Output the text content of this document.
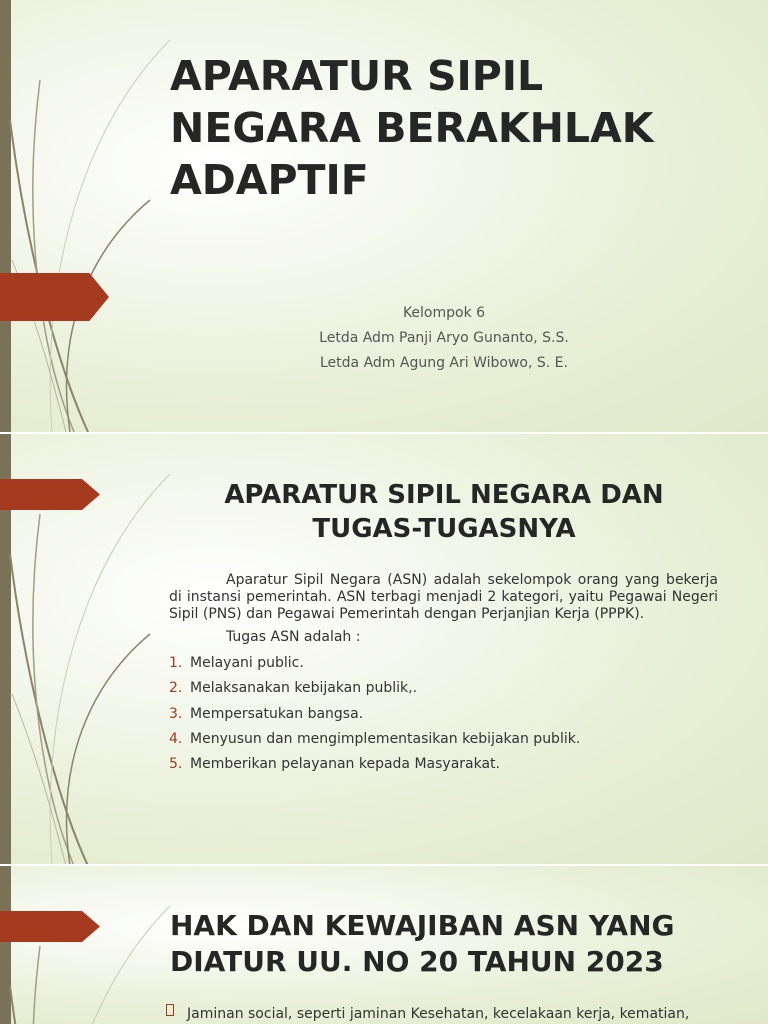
APARATUR SIPIL NEGARA BERAKHLAK ADAPTIF
Kelompok 6
Letda Adm Panji Aryo Gunanto, S.S.
Letda Adm Agung Ari Wibowo, S. E.
APARATUR SIPIL NEGARA DAN TUGAS-TUGASNYA

Aparatur Sipil Negara (ASN) adalah sekelompok orang yang bekerja di instansi pemerintah. ASN terbagi menjadi 2 kategori, yaitu Pegawai Negeri Sipil (PNS) dan Pegawai Pemerintah dengan Perjanjian Kerja (PPPK).

Tugas ASN adalah :

1. Melayani public.
2. Melaksanakan kebijakan publik,.
3. Mempersatukan bangsa.
4. Menyusun dan mengimplementasikan kebijakan publik.
5. Memberikan pelayanan kepada Masyarakat.
HAK DAN KEWAJIBAN ASN YANG DIATUR UU. NO 20 TAHUN 2023
Jaminan social, seperti jaminan Kesehatan, kecelakaan kerja, kematian,
